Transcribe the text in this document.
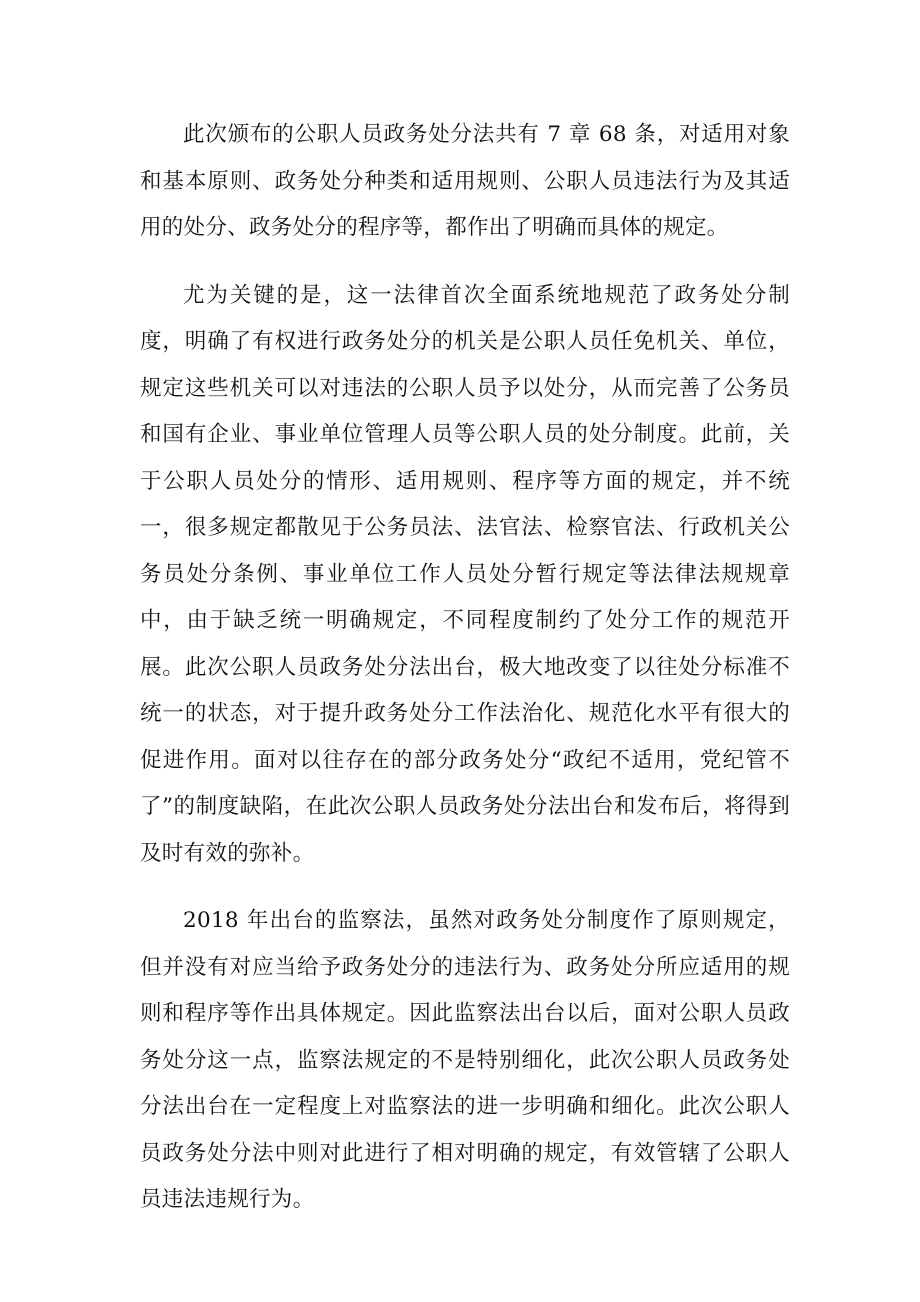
此次颁布的公职人员政务处分法共有 7 章 68 条，对适用对象和基本原则、政务处分种类和适用规则、公职人员违法行为及其适用的处分、政务处分的程序等，都作出了明确而具体的规定。

尤为关键的是，这一法律首次全面系统地规范了政务处分制度，明确了有权进行政务处分的机关是公职人员任免机关、单位，规定这些机关可以对违法的公职人员予以处分，从而完善了公务员和国有企业、事业单位管理人员等公职人员的处分制度。此前，关于公职人员处分的情形、适用规则、程序等方面的规定，并不统一，很多规定都散见于公务员法、法官法、检察官法、行政机关公务员处分条例、事业单位工作人员处分暂行规定等法律法规规章中，由于缺乏统一明确规定，不同程度制约了处分工作的规范开展。此次公职人员政务处分法出台，极大地改变了以往处分标准不统一的状态，对于提升政务处分工作法治化、规范化水平有很大的促进作用。面对以往存在的部分政务处分“政纪不适用，党纪管不了”的制度缺陷，在此次公职人员政务处分法出台和发布后，将得到及时有效的弥补。

2018 年出台的监察法，虽然对政务处分制度作了原则规定，但并没有对应当给予政务处分的违法行为、政务处分所应适用的规则和程序等作出具体规定。因此监察法出台以后，面对公职人员政务处分这一点，监察法规定的不是特别细化，此次公职人员政务处分法出台在一定程度上对监察法的进一步明确和细化。此次公职人员政务处分法中则对此进行了相对明确的规定，有效管辖了公职人员违法违规行为。
